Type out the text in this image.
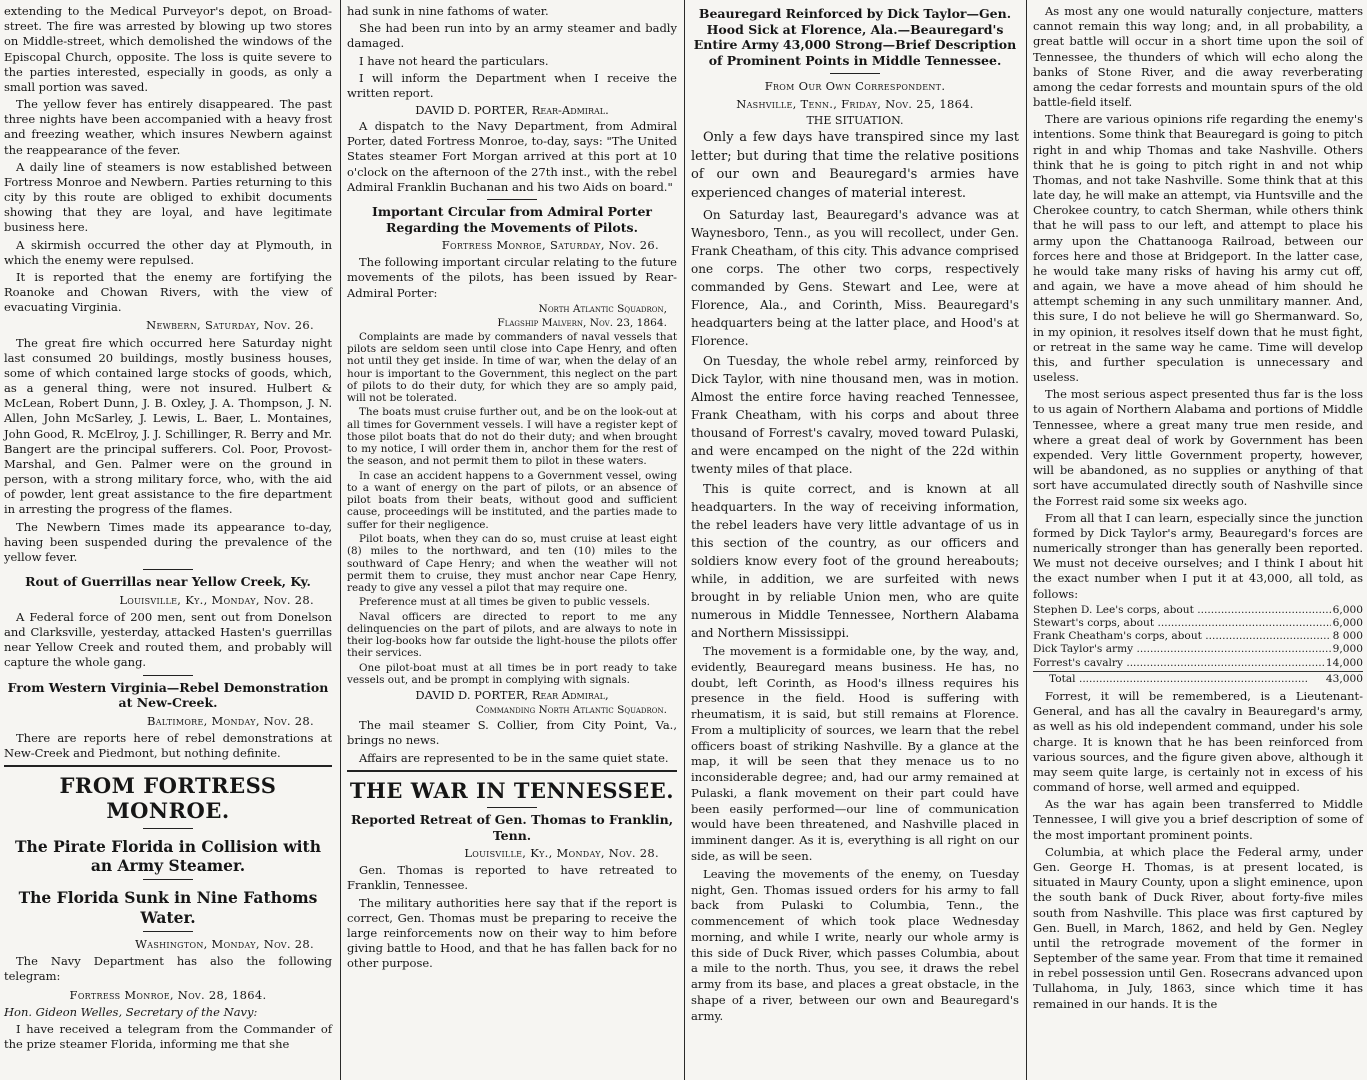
extending to the Medical Purveyor's depot, on Broad-street. The fire was arrested by blowing up two stores on Middle-street, which demolished the windows of the Episcopal Church, opposite. The loss is quite severe to the parties interested, especially in goods, as only a small portion was saved.

The yellow fever has entirely disappeared. The past three nights have been accompanied with a heavy frost and freezing weather, which insures Newbern against the reappearance of the fever.

A daily line of steamers is now established between Fortress Monroe and Newbern. Parties returning to this city by this route are obliged to exhibit documents showing that they are loyal, and have legitimate business here.

A skirmish occurred the other day at Plymouth, in which the enemy were repulsed.

It is reported that the enemy are fortifying the Roanoke and Chowan Rivers, with the view of evacuating Virginia.

Newbern, Saturday, Nov. 26.

The great fire which occurred here Saturday night last consumed 20 buildings, mostly business houses, some of which contained large stocks of goods, which, as a general thing, were not insured. Hulbert & McLean, Robert Dunn, J. B. Oxley, J. A. Thompson, J. N. Allen, John McSarley, J. Lewis, L. Baer, L. Montaines, John Good, R. McElroy, J. J. Schillinger, R. Berry and Mr. Bangert are the principal sufferers. Col. Poor, Provost-Marshal, and Gen. Palmer were on the ground in person, with a strong military force, who, with the aid of powder, lent great assistance to the fire department in arresting the progress of the flames.

The Newbern Times made its appearance to-day, having been suspended during the prevalence of the yellow fever.

Rout of Guerrillas near Yellow Creek, Ky.
Louisville, Ky., Monday, Nov. 28.

A Federal force of 200 men, sent out from Donelson and Clarksville, yesterday, attacked Hasten's guerrillas near Yellow Creek and routed them, and probably will capture the whole gang.

From Western Virginia—Rebel Demonstration at New-Creek.
Baltimore, Monday, Nov. 28.

There are reports here of rebel demonstrations at New-Creek and Piedmont, but nothing definite.

FROM FORTRESS MONROE.
The Pirate Florida in Collision with an Army Steamer.
The Florida Sunk in Nine Fathoms Water.
Washington, Monday, Nov. 28.

The Navy Department has also the following telegram:

Fortress Monroe, Nov. 28, 1864.

Hon. Gideon Welles, Secretary of the Navy:

I have received a telegram from the Commander of the prize steamer Florida, informing me that she

had sunk in nine fathoms of water.

She had been run into by an army steamer and badly damaged.

I have not heard the particulars.

I will inform the Department when I receive the written report.

DAVID D. PORTER, Rear-Admiral.

A dispatch to the Navy Department, from Admiral Porter, dated Fortress Monroe, to-day, says: "The United States steamer Fort Morgan arrived at this port at 10 o'clock on the afternoon of the 27th inst., with the rebel Admiral Franklin Buchanan and his two Aids on board."

Important Circular from Admiral Porter Regarding the Movements of Pilots.
Fortress Monroe, Saturday, Nov. 26.

The following important circular relating to the future movements of the pilots, has been issued by Rear-Admiral Porter:

North Atlantic Squadron,
Flagship Malvern, Nov. 23, 1864.

Complaints are made by commanders of naval vessels that pilots are seldom seen until close into Cape Henry, and often not until they get inside. In time of war, when the delay of an hour is important to the Government, this neglect on the part of pilots to do their duty, for which they are so amply paid, will not be tolerated.

The boats must cruise further out, and be on the look-out at all times for Government vessels. I will have a register kept of those pilot boats that do not do their duty; and when brought to my notice, I will order them in, anchor them for the rest of the season, and not permit them to pilot in these waters.

In case an accident happens to a Government vessel, owing to a want of energy on the part of pilots, or an absence of pilot boats from their beats, without good and sufficient cause, proceedings will be instituted, and the parties made to suffer for their negligence.

Pilot boats, when they can do so, must cruise at least eight (8) miles to the northward, and ten (10) miles to the southward of Cape Henry; and when the weather will not permit them to cruise, they must anchor near Cape Henry, ready to give any vessel a pilot that may require one.

Preference must at all times be given to public vessels.

Naval officers are directed to report to me any delinquencies on the part of pilots, and are always to note in their log-books how far outside the light-house the pilots offer their services.

One pilot-boat must at all times be in port ready to take vessels out, and be prompt in complying with signals.

DAVID D. PORTER, Rear Admiral,
Commanding North Atlantic Squadron.

The mail steamer S. Collier, from City Point, Va., brings no news.

Affairs are represented to be in the same quiet state.

THE WAR IN TENNESSEE.
Reported Retreat of Gen. Thomas to Franklin, Tenn.
Louisville, Ky., Monday, Nov. 28.

Gen. Thomas is reported to have retreated to Franklin, Tennessee.

The military authorities here say that if the report is correct, Gen. Thomas must be preparing to receive the large reinforcements now on their way to him before giving battle to Hood, and that he has fallen back for no other purpose.

Beauregard Reinforced by Dick Taylor—Gen. Hood Sick at Florence, Ala.—Beauregard's Entire Army 43,000 Strong—Brief Description of Prominent Points in Middle Tennessee.
From Our Own Correspondent.
Nashville, Tenn., Friday, Nov. 25, 1864.
THE SITUATION.

Only a few days have transpired since my last letter; but during that time the relative positions of our own and Beauregard's armies have experienced changes of material interest.

On Saturday last, Beauregard's advance was at Waynesboro, Tenn., as you will recollect, under Gen. Frank Cheatham, of this city. This advance comprised one corps. The other two corps, respectively commanded by Gens. Stewart and Lee, were at Florence, Ala., and Corinth, Miss. Beauregard's headquarters being at the latter place, and Hood's at Florence.

On Tuesday, the whole rebel army, reinforced by Dick Taylor, with nine thousand men, was in motion. Almost the entire force having reached Tennessee, Frank Cheatham, with his corps and about three thousand of Forrest's cavalry, moved toward Pulaski, and were encamped on the night of the 22d within twenty miles of that place.

This is quite correct, and is known at all headquarters. In the way of receiving information, the rebel leaders have very little advantage of us in this section of the country, as our officers and soldiers know every foot of the ground hereabouts; while, in addition, we are surfeited with news brought in by reliable Union men, who are quite numerous in Middle Tennessee, Northern Alabama and Northern Mississippi.

The movement is a formidable one, by the way, and, evidently, Beauregard means business. He has, no doubt, left Corinth, as Hood's illness requires his presence in the field. Hood is suffering with rheumatism, it is said, but still remains at Florence. From a multiplicity of sources, we learn that the rebel officers boast of striking Nashville. By a glance at the map, it will be seen that they menace us to no inconsiderable degree; and, had our army remained at Pulaski, a flank movement on their part could have been easily performed—our line of communication would have been threatened, and Nashville placed in imminent danger. As it is, everything is all right on our side, as will be seen.

Leaving the movements of the enemy, on Tuesday night, Gen. Thomas issued orders for his army to fall back from Pulaski to Columbia, Tenn., the commencement of which took place Wednesday morning, and while I write, nearly our whole army is this side of Duck River, which passes Columbia, about a mile to the north. Thus, you see, it draws the rebel army from its base, and places a great obstacle, in the shape of a river, between our own and Beauregard's army.

As most any one would naturally conjecture, matters cannot remain this way long; and, in all probability, a great battle will occur in a short time upon the soil of Tennessee, the thunders of which will echo along the banks of Stone River, and die away reverberating among the cedar forrests and mountain spurs of the old battle-field itself.

There are various opinions rife regarding the enemy's intentions. Some think that Beauregard is going to pitch right in and whip Thomas and take Nashville. Others think that he is going to pitch right in and not whip Thomas, and not take Nashville. Some think that at this late day, he will make an attempt, via Huntsville and the Cherokee country, to catch Sherman, while others think that he will pass to our left, and attempt to place his army upon the Chattanooga Railroad, between our forces here and those at Bridgeport. In the latter case, he would take many risks of having his army cut off, and again, we have a move ahead of him should he attempt scheming in any such unmilitary manner. And, this sure, I do not believe he will go Shermanward. So, in my opinion, it resolves itself down that he must fight, or retreat in the same way he came. Time will develop this, and further speculation is unnecessary and useless.

The most serious aspect presented thus far is the loss to us again of Northern Alabama and portions of Middle Tennessee, where a great many true men reside, and where a great deal of work by Government has been expended. Very little Government property, however, will be abandoned, as no supplies or anything of that sort have accumulated directly south of Nashville since the Forrest raid some six weeks ago.

From all that I can learn, especially since the junction formed by Dick Taylor's army, Beauregard's forces are numerically stronger than has generally been reported. We must not deceive ourselves; and I think I about hit the exact number when I put it at 43,000, all told, as follows:

Stephen D. Lee's corps, about .....	6,000
Stewart's corps, about .....	6,000
Frank Cheatham's corps, about .....	8 000
Dick Taylor's army .....	9,000
Forrest's cavalry .....	14,000
Total .....	43,000

Forrest, it will be remembered, is a Lieutenant-General, and has all the cavalry in Beauregard's army, as well as his old independent command, under his sole charge. It is known that he has been reinforced from various sources, and the figure given above, although it may seem quite large, is certainly not in excess of his command of horse, well armed and equipped.

As the war has again been transferred to Middle Tennessee, I will give you a brief description of some of the most important prominent points.

Columbia, at which place the Federal army, under Gen. George H. Thomas, is at present located, is situated in Maury County, upon a slight eminence, upon the south bank of Duck River, about forty-five miles south from Nashville. This place was first captured by Gen. Buell, in March, 1862, and held by Gen. Negley until the retrograde movement of the former in September of the same year. From that time it remained in rebel possession until Gen. Rosecrans advanced upon Tullahoma, in July, 1863, since which time it has remained in our hands. It is the
